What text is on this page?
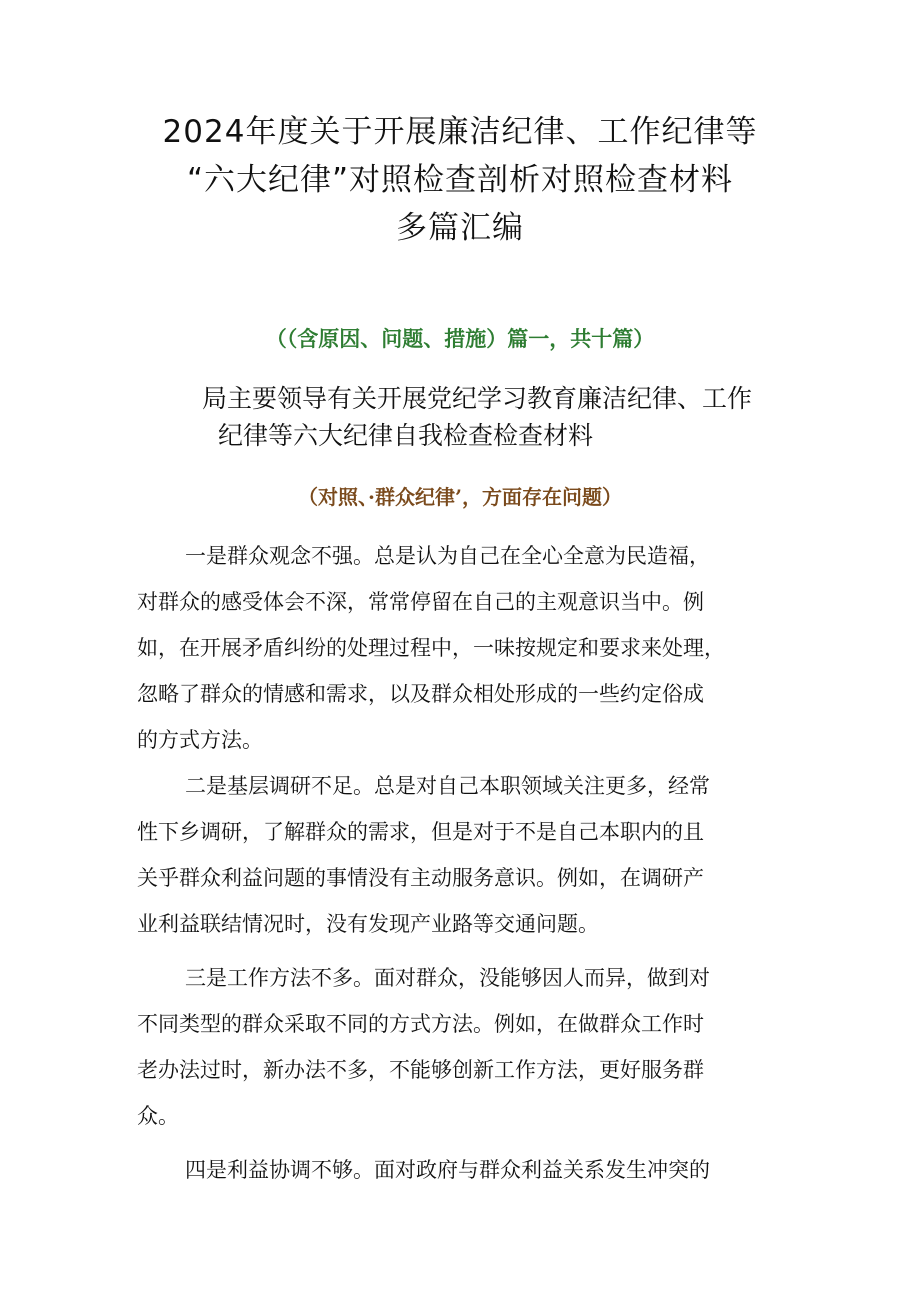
2024年度关于开展廉洁纪律、工作纪律等
“六大纪律”对照检查剖析对照检查材料
多篇汇编
（（含原因、问题、措施）篇一，共十篇）
局主要领导有关开展党纪学习教育廉洁纪律、工作
纪律等六大纪律自我检查检查材料
（对照、·群众纪律’，方面存在问题）
一是群众观念不强。总是认为自己在全心全意为民造福，
对群众的感受体会不深，常常停留在自己的主观意识当中。例
如，在开展矛盾纠纷的处理过程中，一味按规定和要求来处理，
忽略了群众的情感和需求，以及群众相处形成的一些约定俗成
的方式方法。
二是基层调研不足。总是对自己本职领域关注更多，经常
性下乡调研，了解群众的需求，但是对于不是自己本职内的且
关乎群众利益问题的事情没有主动服务意识。例如，在调研产
业利益联结情况时，没有发现产业路等交通问题。
三是工作方法不多。面对群众，没能够因人而异，做到对
不同类型的群众采取不同的方式方法。例如，在做群众工作时
老办法过时，新办法不多，不能够创新工作方法，更好服务群
众。
四是利益协调不够。面对政府与群众利益关系发生冲突的
